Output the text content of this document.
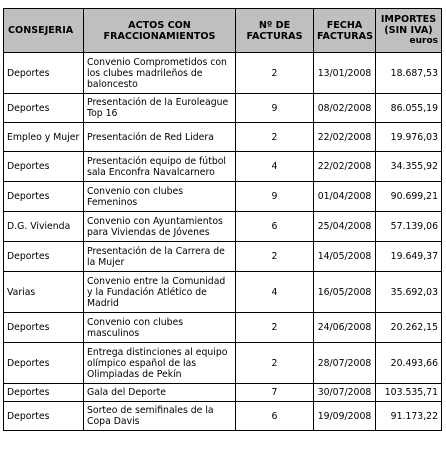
CONSEJERIA	ACTOS CON FRACCIONAMIENTOS	Nº DE FACTURAS	FECHA FACTURAS	IMPORTES (SIN IVA)
euros

Deportes	Convenio Comprometidos con los clubes madrileños de baloncesto	2	13/01/2008	18.687,53
Deportes	Presentación de la Euroleague Top 16	9	08/02/2008	86.055,19
Empleo y Mujer	Presentación de Red Lidera	2	22/02/2008	19.976,03
Deportes	Presentación equipo de fútbol sala Enconfra Navalcarnero	4	22/02/2008	34.355,92
Deportes	Convenio con clubes Femeninos	9	01/04/2008	90.699,21
D.G. Vivienda	Convenio con Ayuntamientos para Viviendas de Jóvenes	6	25/04/2008	57.139,06
Deportes	Presentación de la Carrera de la Mujer	2	14/05/2008	19.649,37
Varias	Convenio entre la Comunidad y la Fundación Atlético de Madrid	4	16/05/2008	35.692,03
Deportes	Convenio con clubes masculinos	2	24/06/2008	20.262,15
Deportes	Entrega distinciones al equipo olímpico español de las Olimpiadas de Pekín	2	28/07/2008	20.493,66
Deportes	Gala del Deporte	7	30/07/2008	103.535,71
Deportes	Sorteo de semifinales de la Copa Davis	6	19/09/2008	91.173,22
